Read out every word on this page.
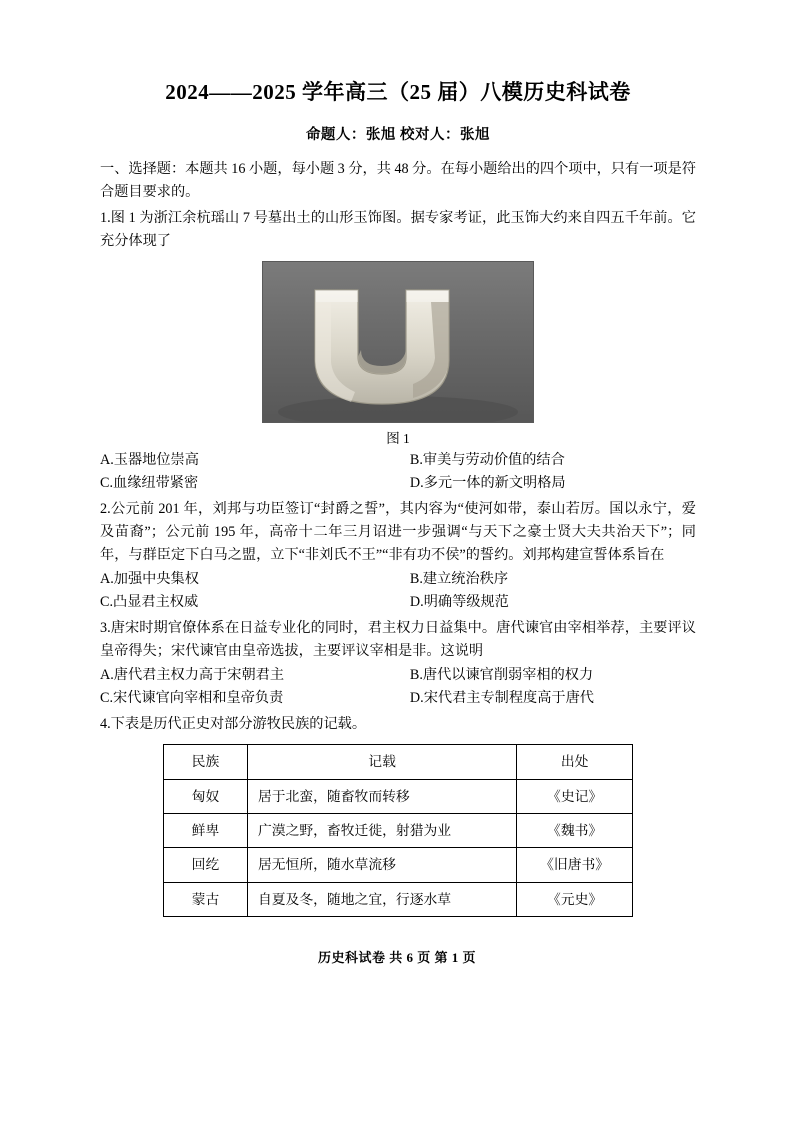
2024——2025 学年高三（25 届）八模历史科试卷
命题人：张旭 校对人：张旭

一、选择题：本题共 16 小题，每小题 3 分，共 48 分。在每小题给出的四个项中，只有一项是符合题目要求的。

1.图 1 为浙江余杭瑶山 7 号墓出土的山形玉饰图。据专家考证，此玉饰大约来自四五千年前。它充分体现了

图 1
A.玉器地位崇高	B.审美与劳动价值的结合
C.血缘纽带紧密	D.多元一体的新文明格局

2.公元前 201 年，刘邦与功臣签订“封爵之誓”，其内容为“使河如带，泰山若厉。国以永宁，爱及苗裔”；公元前 195 年，高帝十二年三月诏进一步强调“与天下之豪士贤大夫共治天下”；同年，与群臣定下白马之盟，立下“非刘氏不王”“非有功不侯”的誓约。刘邦构建宣誓体系旨在

A.加强中央集权	B.建立统治秩序
C.凸显君主权威	D.明确等级规范

3.唐宋时期官僚体系在日益专业化的同时，君主权力日益集中。唐代谏官由宰相举荐，主要评议皇帝得失；宋代谏官由皇帝选拔，主要评议宰相是非。这说明

A.唐代君主权力高于宋朝君主	B.唐代以谏官削弱宰相的权力
C.宋代谏官向宰相和皇帝负责	D.宋代君主专制程度高于唐代

4.下表是历代正史对部分游牧民族的记载。

民族	记载	出处
匈奴	居于北蛮，随畜牧而转移	《史记》
鲜卑	广漠之野，畜牧迁徙，射猎为业	《魏书》
回纥	居无恒所，随水草流移	《旧唐书》
蒙古	自夏及冬，随地之宜，行逐水草	《元史》
历史科试卷 共 6 页 第 1 页
